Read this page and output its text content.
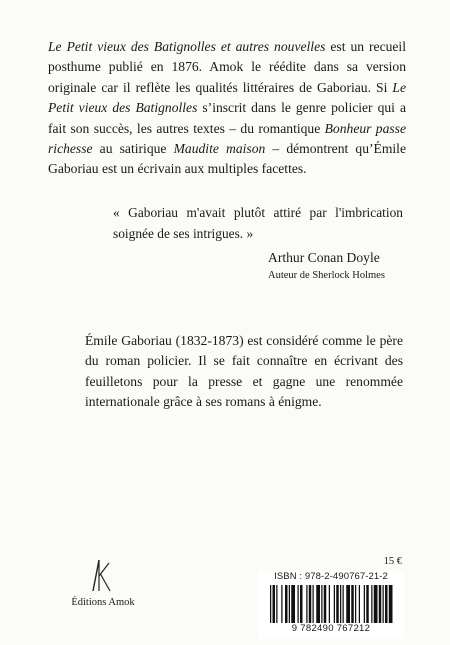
Le Petit vieux des Batignolles et autres nouvelles est un recueil posthume publié en 1876. Amok le réédite dans sa version originale car il reflète les qualités littéraires de Gaboriau. Si Le Petit vieux des Batignolles s’inscrit dans le genre policier qui a fait son succès, les autres textes – du romantique Bonheur passe richesse au satirique Maudite maison – démontrent qu’Émile Gaboriau est un écrivain aux multiples facettes.
« Gaboriau m'avait plutôt attiré par l'imbrication soignée de ses intrigues. »
Arthur Conan Doyle
Auteur de Sherlock Holmes
Émile Gaboriau (1832-1873) est considéré comme le père du roman policier. Il se fait connaître en écrivant des feuilletons pour la presse et gagne une renommée internationale grâce à ses romans à énigme.
15 €
Éditions Amok
ISBN : 978-2-490767-21-2
9 782490 767212
